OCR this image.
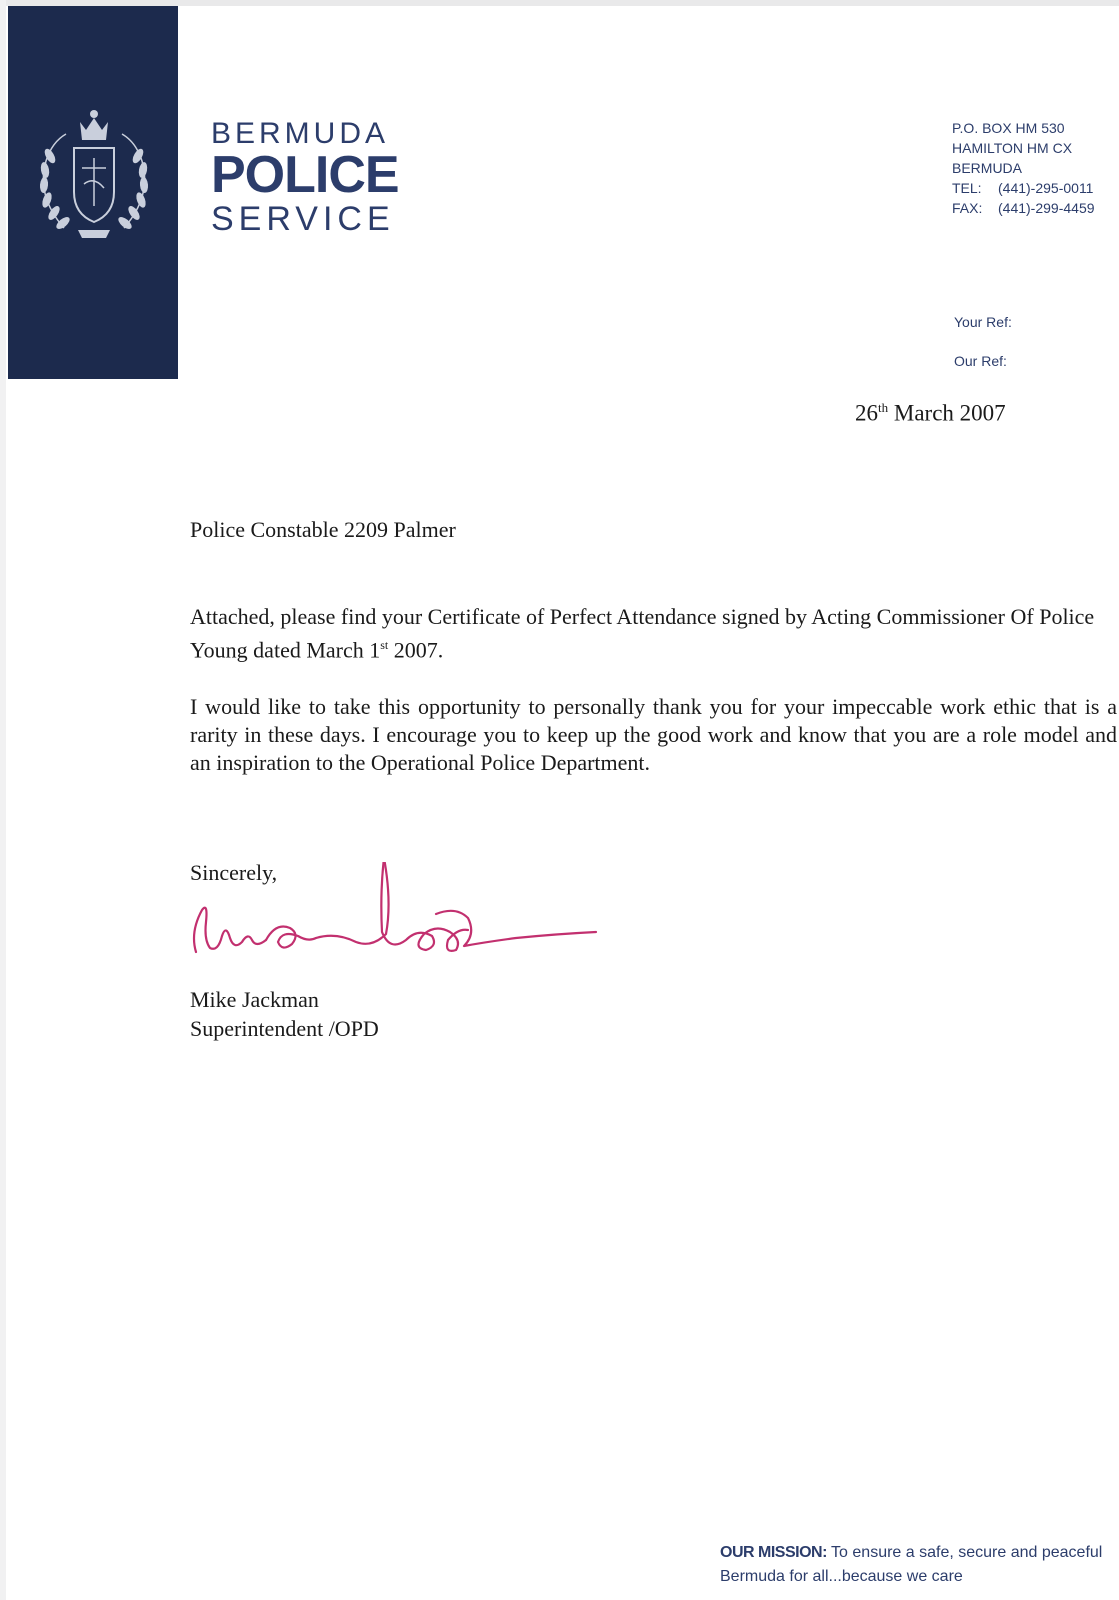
BERMUDA
POLICE
SERVICE
P.O. BOX HM 530
HAMILTON HM CX
BERMUDA
TEL: (441)-295-0011
FAX: (441)-299-4459
Your Ref:
Our Ref:
26th March 2007
Police Constable 2209 Palmer
Attached, please find your Certificate of Perfect Attendance signed by Acting Commissioner Of Police Young dated March 1st 2007.
I would like to take this opportunity to personally thank you for your impeccable work ethic that is a rarity in these days. I encourage you to keep up the good work and know that you are a role model and an inspiration to the Operational Police Department.
Sincerely,
Mike Jackman
Superintendent /OPD
OUR MISSION: To ensure a safe, secure and peaceful Bermuda for all...because we care
